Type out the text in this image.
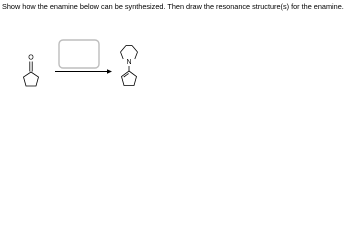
Show how the enamine below can be synthesized. Then draw the resonance structure(s) for the enamine.

O
N
